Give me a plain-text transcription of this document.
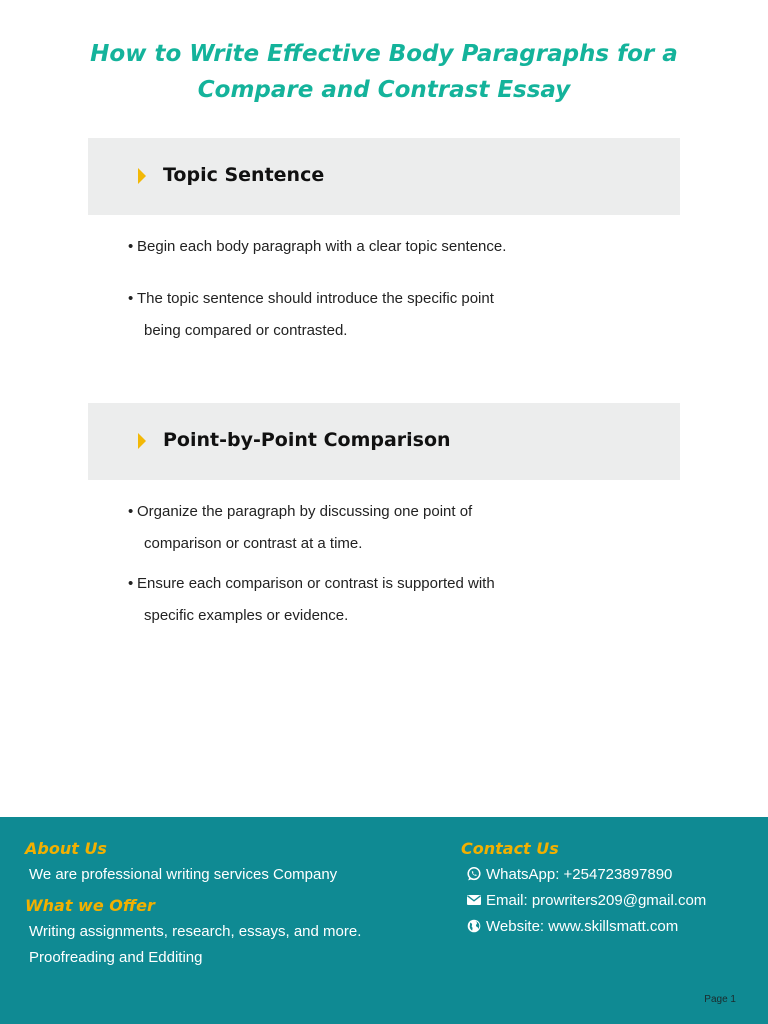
How to Write Effective Body Paragraphs for a Compare and Contrast Essay
Topic Sentence
• Begin each body paragraph with a clear topic sentence.
• The topic sentence should introduce the specific point
being compared or contrasted.
Point-by-Point Comparison
• Organize the paragraph by discussing one point of
comparison or contrast at a time.
• Ensure each comparison or contrast is supported with
specific examples or evidence.
About Us
We are professional writing services Company
What we Offer
Writing assignments, research, essays, and more.
Proofreading and Edditing
Contact Us
WhatsApp: +254723897890
Email: prowriters209@gmail.com
Website: www.skillsmatt.com
Page 1
